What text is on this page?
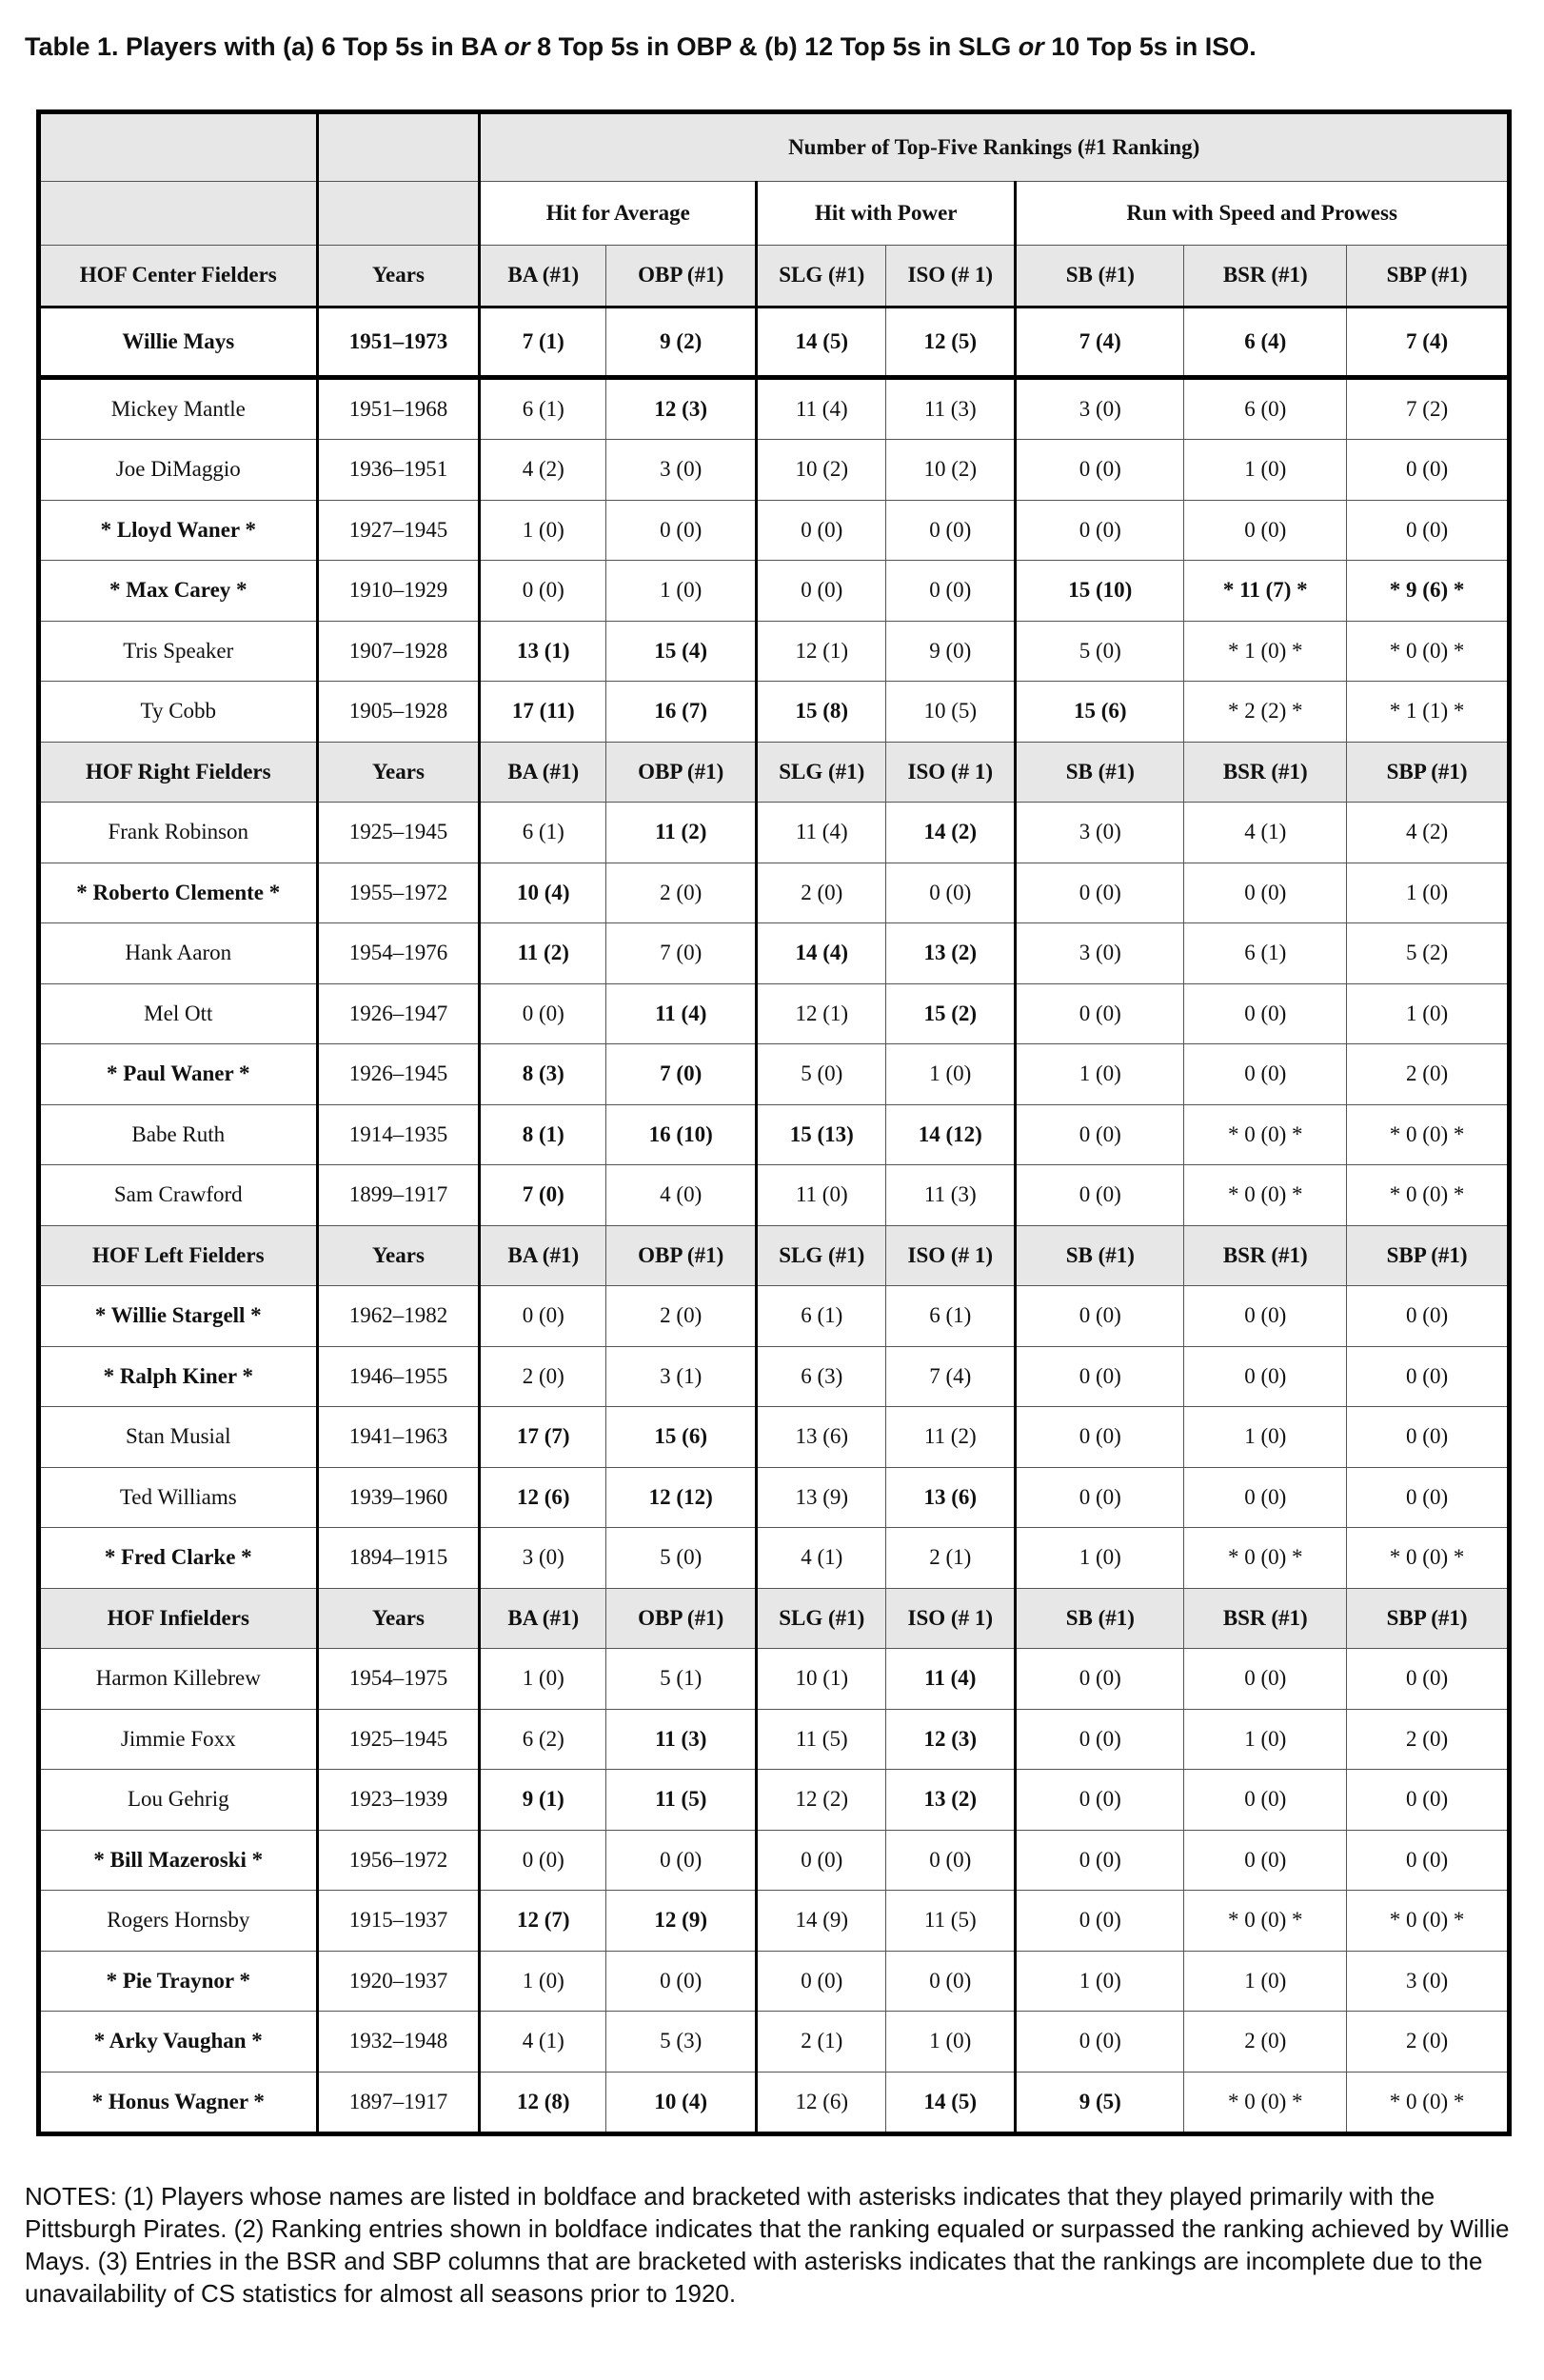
Table 1. Players with (a) 6 Top 5s in BA or 8 Top 5s in OBP & (b) 12 Top 5s in SLG or 10 Top 5s in ISO.
		Number of Top-Five Rankings (#1 Ranking)						
		Hit for Average		Hit with Power		Run with Speed and Prowess		
HOF Center Fielders	Years	BA (#1)	OBP (#1)	SLG (#1)	ISO (# 1)	SB (#1)	BSR (#1)	SBP (#1)
Willie Mays	1951–1973	7 (1)	9 (2)	14 (5)	12 (5)	7 (4)	6 (4)	7 (4)
Mickey Mantle	1951–1968	6 (1)	12 (3)	11 (4)	11 (3)	3 (0)	6 (0)	7 (2)
Joe DiMaggio	1936–1951	4 (2)	3 (0)	10 (2)	10 (2)	0 (0)	1 (0)	0 (0)
* Lloyd Waner *	1927–1945	1 (0)	0 (0)	0 (0)	0 (0)	0 (0)	0 (0)	0 (0)
* Max Carey *	1910–1929	0 (0)	1 (0)	0 (0)	0 (0)	15 (10)	* 11 (7) *	* 9 (6) *
Tris Speaker	1907–1928	13 (1)	15 (4)	12 (1)	9 (0)	5 (0)	* 1 (0) *	* 0 (0) *
Ty Cobb	1905–1928	17 (11)	16 (7)	15 (8)	10 (5)	15 (6)	* 2 (2) *	* 1 (1) *
HOF Right Fielders	Years	BA (#1)	OBP (#1)	SLG (#1)	ISO (# 1)	SB (#1)	BSR (#1)	SBP (#1)
Frank Robinson	1925–1945	6 (1)	11 (2)	11 (4)	14 (2)	3 (0)	4 (1)	4 (2)
* Roberto Clemente *	1955–1972	10 (4)	2 (0)	2 (0)	0 (0)	0 (0)	0 (0)	1 (0)
Hank Aaron	1954–1976	11 (2)	7 (0)	14 (4)	13 (2)	3 (0)	6 (1)	5 (2)
Mel Ott	1926–1947	0 (0)	11 (4)	12 (1)	15 (2)	0 (0)	0 (0)	1 (0)
* Paul Waner *	1926–1945	8 (3)	7 (0)	5 (0)	1 (0)	1 (0)	0 (0)	2 (0)
Babe Ruth	1914–1935	8 (1)	16 (10)	15 (13)	14 (12)	0 (0)	* 0 (0) *	* 0 (0) *
Sam Crawford	1899–1917	7 (0)	4 (0)	11 (0)	11 (3)	0 (0)	* 0 (0) *	* 0 (0) *
HOF Left Fielders	Years	BA (#1)	OBP (#1)	SLG (#1)	ISO (# 1)	SB (#1)	BSR (#1)	SBP (#1)
* Willie Stargell *	1962–1982	0 (0)	2 (0)	6 (1)	6 (1)	0 (0)	0 (0)	0 (0)
* Ralph Kiner *	1946–1955	2 (0)	3 (1)	6 (3)	7 (4)	0 (0)	0 (0)	0 (0)
Stan Musial	1941–1963	17 (7)	15 (6)	13 (6)	11 (2)	0 (0)	1 (0)	0 (0)
Ted Williams	1939–1960	12 (6)	12 (12)	13 (9)	13 (6)	0 (0)	0 (0)	0 (0)
* Fred Clarke *	1894–1915	3 (0)	5 (0)	4 (1)	2 (1)	1 (0)	* 0 (0) *	* 0 (0) *
HOF Infielders	Years	BA (#1)	OBP (#1)	SLG (#1)	ISO (# 1)	SB (#1)	BSR (#1)	SBP (#1)
Harmon Killebrew	1954–1975	1 (0)	5 (1)	10 (1)	11 (4)	0 (0)	0 (0)	0 (0)
Jimmie Foxx	1925–1945	6 (2)	11 (3)	11 (5)	12 (3)	0 (0)	1 (0)	2 (0)
Lou Gehrig	1923–1939	9 (1)	11 (5)	12 (2)	13 (2)	0 (0)	0 (0)	0 (0)
* Bill Mazeroski *	1956–1972	0 (0)	0 (0)	0 (0)	0 (0)	0 (0)	0 (0)	0 (0)
Rogers Hornsby	1915–1937	12 (7)	12 (9)	14 (9)	11 (5)	0 (0)	* 0 (0) *	* 0 (0) *
* Pie Traynor *	1920–1937	1 (0)	0 (0)	0 (0)	0 (0)	1 (0)	1 (0)	3 (0)
* Arky Vaughan *	1932–1948	4 (1)	5 (3)	2 (1)	1 (0)	0 (0)	2 (0)	2 (0)
* Honus Wagner *	1897–1917	12 (8)	10 (4)	12 (6)	14 (5)	9 (5)	* 0 (0) *	* 0 (0) *
NOTES: (1) Players whose names are listed in boldface and bracketed with asterisks indicates that they played primarily with the Pittsburgh Pirates. (2) Ranking entries shown in boldface indicates that the ranking equaled or surpassed the ranking achieved by Willie Mays. (3) Entries in the BSR and SBP columns that are bracketed with asterisks indicates that the rankings are incomplete due to the unavailability of CS statistics for almost all seasons prior to 1920.
